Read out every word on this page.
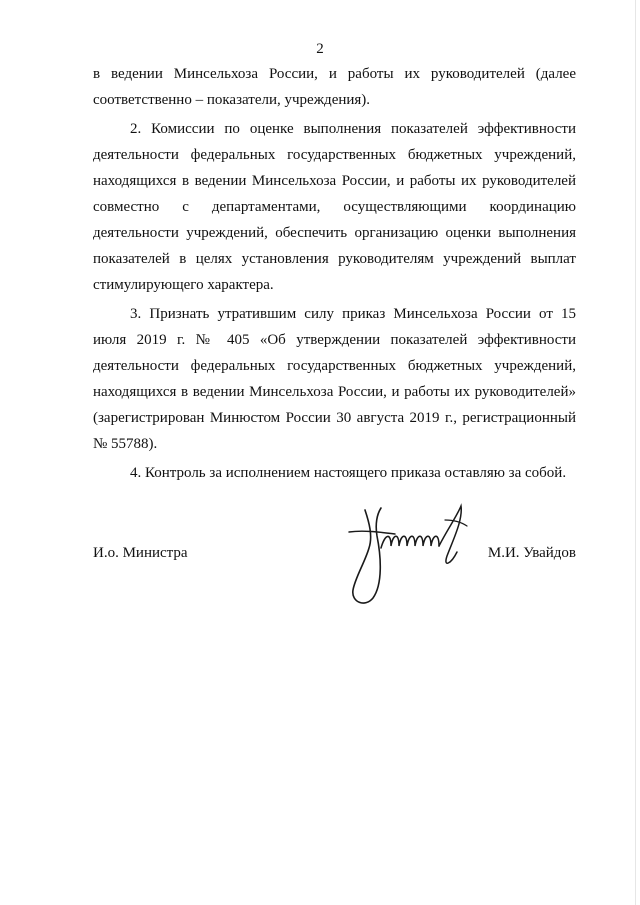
2

в ведении Минсельхоза России, и работы их руководителей (далее соответственно – показатели, учреждения).

2. Комиссии по оценке выполнения показателей эффективности деятельности федеральных государственных бюджетных учреждений, находящихся в ведении Минсельхоза России, и работы их руководителей совместно с департаментами, осуществляющими координацию деятельности учреждений, обеспечить организацию оценки выполнения показателей в целях установления руководителям учреждений выплат стимулирующего характера.

3. Признать утратившим силу приказ Минсельхоза России от 15 июля 2019 г. № 405 «Об утверждении показателей эффективности деятельности федеральных государственных бюджетных учреждений, находящихся в ведении Минсельхоза России, и работы их руководителей» (зарегистрирован Минюстом России 30 августа 2019 г., регистрационный № 55788).

4. Контроль за исполнением настоящего приказа оставляю за собой.

И.о. Министра	М.И. Увайдов
